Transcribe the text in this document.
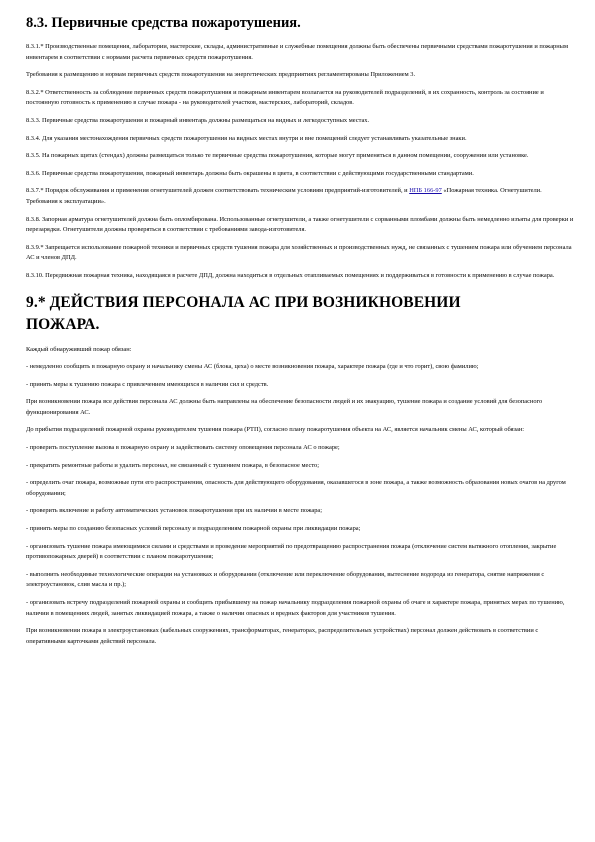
8.3. Первичные средства пожаротушения.

8.3.1.* Производственные помещения, лаборатории, мастерские, склады, административные и служебные помещения должны быть обеспечены первичными средствами пожаротушения и пожарным инвентарем в соответствии с нормами расчета первичных средств пожаротушения.

Требования к размещению и нормам первичных средств пожаротушения на энергетических предприятиях регламентированы Приложением 3.

8.3.2.* Ответственность за соблюдение первичных средств пожаротушения и пожарным инвентарем возлагается на руководителей подразделений, в их сохранность, контроль за состояние и постоянную готовность к применению в случае пожара - на руководителей участков, мастерских, лабораторий, складов.

8.3.3. Первичные средства пожаротушения и пожарный инвентарь должны размещаться на видных и легкодоступных местах.

8.3.4. Для указания местонахождения первичных средств пожаротушения на видных местах внутри и вне помещений следует устанавливать указательные знаки.

8.3.5. На пожарных щитах (стендах) должны размещаться только те первичные средства пожаротушения, которые могут применяться в данном помещении, сооружении или установке.

8.3.6. Первичные средства пожаротушения, пожарный инвентарь должны быть окрашены в цвета, в соответствии с действующими государственными стандартами.

8.3.7.* Порядок обслуживания и применения огнетушителей должен соответствовать техническим условиям предприятий-изготовителей, и НПБ 166-97 «Пожарная техника. Огнетушители. Требования к эксплуатации».

8.3.8. Запорная арматура огнетушителей должна быть опломбирована. Использованные огнетушители, а также огнетушители с сорванными пломбами должны быть немедленно изъяты для проверки и перезарядки. Огнетушители должны проверяться в соответствии с требованиями завода-изготовителя.

8.3.9.* Запрещается использование пожарной техники и первичных средств тушения пожара для хозяйственных и производственных нужд, не связанных с тушением пожара или обучением персонала АС и членов ДПД.

8.3.10. Передвижная пожарная техника, находящаяся в расчете ДПД, должна находиться в отдельных отапливаемых помещениях и поддерживаться в готовности к применению в случае пожара.

9.* ДЕЙСТВИЯ ПЕРСОНАЛА АС ПРИ ВОЗНИКНОВЕНИИ ПОЖАРА.

Каждый обнаруживший пожар обязан:

- немедленно сообщить в пожарную охрану и начальнику смены АС (блока, цеха) о месте возникновения пожара, характере пожара (где и что горит), свою фамилию;

- принять меры к тушению пожара с привлечением имеющихся в наличии сил и средств.

При возникновении пожара все действия персонала АС должны быть направлены на обеспечение безопасности людей и их эвакуацию, тушение пожара и создание условий для безопасного функционирования АС.

До прибытия подразделений пожарной охраны руководителем тушения пожара (РТП), согласно плану пожаротушения объекта на АС, является начальник смены АС, который обязан:

- проверить поступление вызова в пожарную охрану и задействовать систему оповещения персонала АС о пожаре;

- прекратить ремонтные работы и удалить персонал, не связанный с тушением пожара, в безопасное место;

- определить очаг пожара, возможные пути его распространения, опасность для действующего оборудования, оказавшегося в зоне пожара, а также возможность образования новых очагов на другом оборудовании;

- проверить включение и работу автоматических установок пожаротушения при их наличии в месте пожара;

- принять меры по созданию безопасных условий персоналу и подразделениям пожарной охраны при ликвидации пожара;

- организовать тушение пожара имеющимися силами и средствами и проведение мероприятий по предотвращению распространения пожара (отключение систем вытяжного отопления, закрытие противопожарных дверей) в соответствии с планом пожаротушения;

- выполнить необходимые технологические операции на установках и оборудовании (отключение или переключение оборудования, вытеснение водорода из генератора, снятие напряжения с электроустановок, слив масла и пр.);

- организовать встречу подразделений пожарной охраны и сообщить прибывшему на пожар начальнику подразделения пожарной охраны об очаге и характере пожара, принятых мерах по тушению, наличии в помещениях людей, занятых ликвидацией пожара, а также о наличии опасных и вредных факторов для участников тушения.

При возникновении пожара в электроустановках (кабельных сооружениях, трансформаторах, генераторах, распределительных устройствах) персонал должен действовать в соответствии с оперативными карточками действий персонала.
